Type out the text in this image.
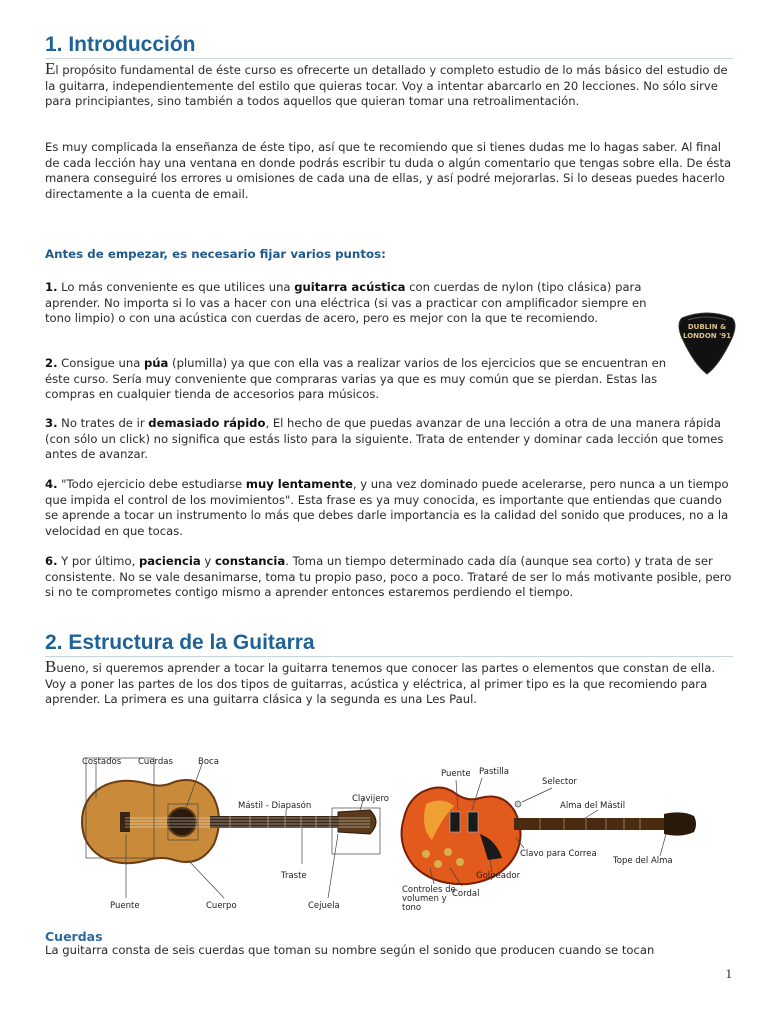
1. Introducción

El propósito fundamental de éste curso es ofrecerte un detallado y completo estudio de lo más básico del estudio de la guitarra, independientemente del estilo que quieras tocar. Voy a intentar abarcarlo en 20 lecciones. No sólo sirve para principiantes, sino también a todos aquellos que quieran tomar una retroalimentación.

Es muy complicada la enseñanza de éste tipo, así que te recomiendo que si tienes dudas me lo hagas saber. Al final de cada lección hay una ventana en donde podrás escribir tu duda o algún comentario que tengas sobre ella. De ésta manera conseguiré los errores u omisiones de cada una de ellas, y así podré mejorarlas. Si lo deseas puedes hacerlo directamente a la cuenta de email.

Antes de empezar, es necesario fijar varios puntos:

1. Lo más conveniente es que utilices una guitarra acústica con cuerdas de nylon (tipo clásica) para aprender. No importa si lo vas a hacer con una eléctrica (si vas a practicar con amplificador siempre en tono limpio) o con una acústica con cuerdas de acero, pero es mejor con la que te recomiendo.

2. Consigue una púa (plumilla) ya que con ella vas a realizar varios de los ejercicios que se encuentran en éste curso. Sería muy conveniente que compraras varias ya que es muy común que se pierdan. Estas las compras en cualquier tienda de accesorios para músicos.

3. No trates de ir demasiado rápido, El hecho de que puedas avanzar de una lección a otra de una manera rápida (con sólo un click) no significa que estás listo para la siguiente. Trata de entender y dominar cada lección que tomes antes de avanzar.

4. "Todo ejercicio debe estudiarse muy lentamente, y una vez dominado puede acelerarse, pero nunca a un tiempo que impida el control de los movimientos". Esta frase es ya muy conocida, es importante que entiendas que cuando se aprende a tocar un instrumento lo más que debes darle importancia es la calidad del sonido que produces, no a la velocidad en que tocas.

6. Y por último, paciencia y constancia. Toma un tiempo determinado cada día (aunque sea corto) y trata de ser consistente. No se vale desanimarse, toma tu propio paso, poco a poco. Trataré de ser lo más motivante posible, pero si no te comprometes contigo mismo a aprender entonces estaremos perdiendo el tiempo.

DUBLIN &
LONDON '91
2. Estructura de la Guitarra

Bueno, si queremos aprender a tocar la guitarra tenemos que conocer las partes o elementos que constan de ella. Voy a poner las partes de los dos tipos de guitarras, acústica y eléctrica, al primer tipo es la que recomiendo para aprender. La primera es una guitarra clásica y la segunda es una Les Paul.

Costados Cuerdas	Boca
Mástil - Diapasón
Clavijero
Traste
Puente	Cuerpo	Cejuela
Puente Pastilla
Selector
Alma del Mástil
Clavo para Correa
Tope del Alma
Golpeador
Controles de
volumen y
tono
Cordal
Cuerdas

La guitarra consta de seis cuerdas que toman su nombre según el sonido que producen cuando se tocan

1
